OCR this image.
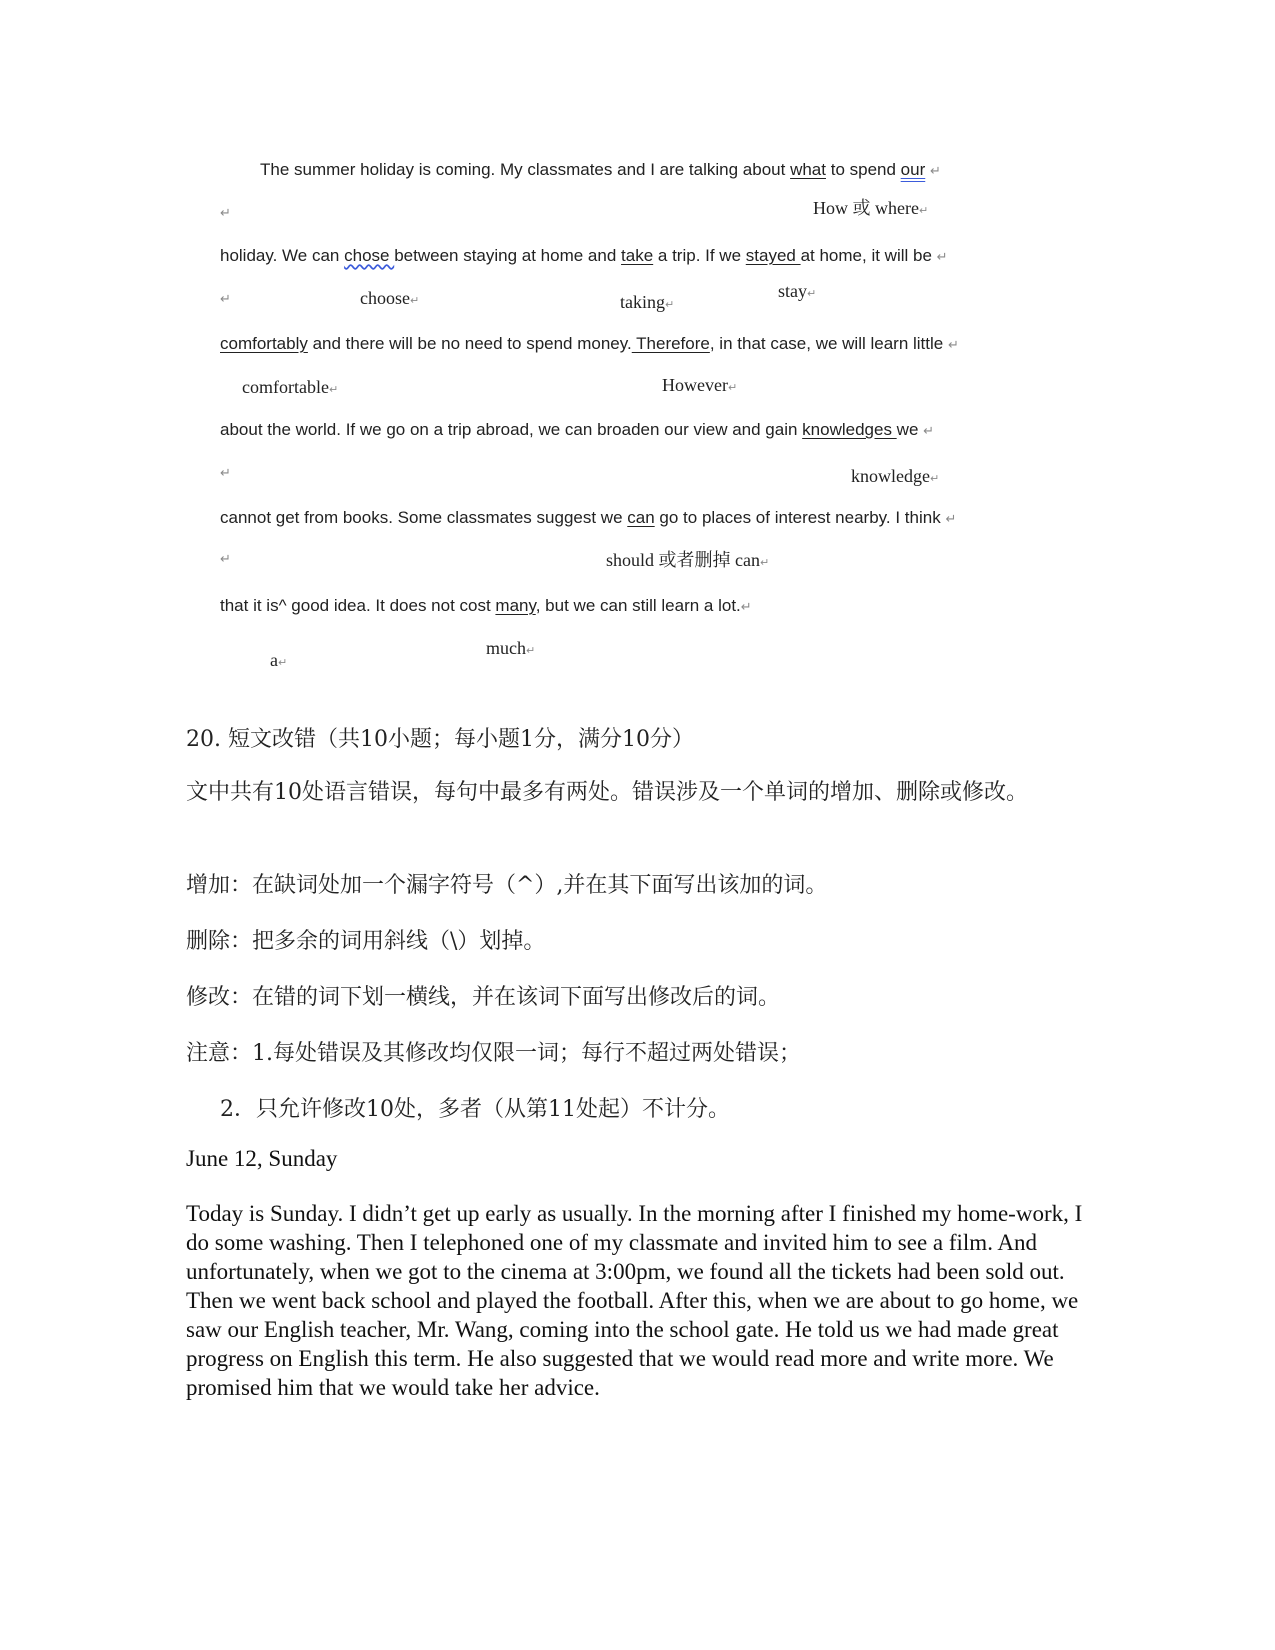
The summer holiday is coming. My classmates and I are talking about what to spend our ↵
↵	How 或 where↵
holiday. We can chose between staying at home and take a trip. If we stayed at home, it will be ↵
↵	choose↵	taking↵
stay↵
comfortably and there will be no need to spend money. Therefore, in that case, we will learn little ↵
comfortable↵	However↵
about the world. If we go on a trip abroad, we can broaden our view and gain knowledges we ↵
↵	knowledge↵
cannot get from books. Some classmates suggest we can go to places of interest nearby. I think ↵
↵	should 或者删掉 can↵
that it is^ good idea. It does not cost many, but we can still learn a lot.↵
a↵
much↵
20. 短文改错（共10小题；每小题1分，满分10分）
文中共有10处语言错误，每句中最多有两处。错误涉及一个单词的增加、删除或修改。
增加：在缺词处加一个漏字符号（^）,并在其下面写出该加的词。
删除：把多余的词用斜线（\）划掉。
修改：在错的词下划一横线，并在该词下面写出修改后的词。
注意：1.每处错误及其修改均仅限一词；每行不超过两处错误；
2．只允许修改10处，多者（从第11处起）不计分。
June 12, Sunday
Today is Sunday. I didn’t get up early as usually. In the morning after I finished my home-work, I do some washing. Then I telephoned one of my classmate and invited him to see a film. And unfortunately, when we got to the cinema at 3:00pm, we found all the tickets had been sold out. Then we went back school and played the football. After this, when we are about to go home, we saw our English teacher, Mr. Wang, coming into the school gate. He told us we had made great progress on English this term. He also suggested that we would read more and write more. We promised him that we would take her advice.
